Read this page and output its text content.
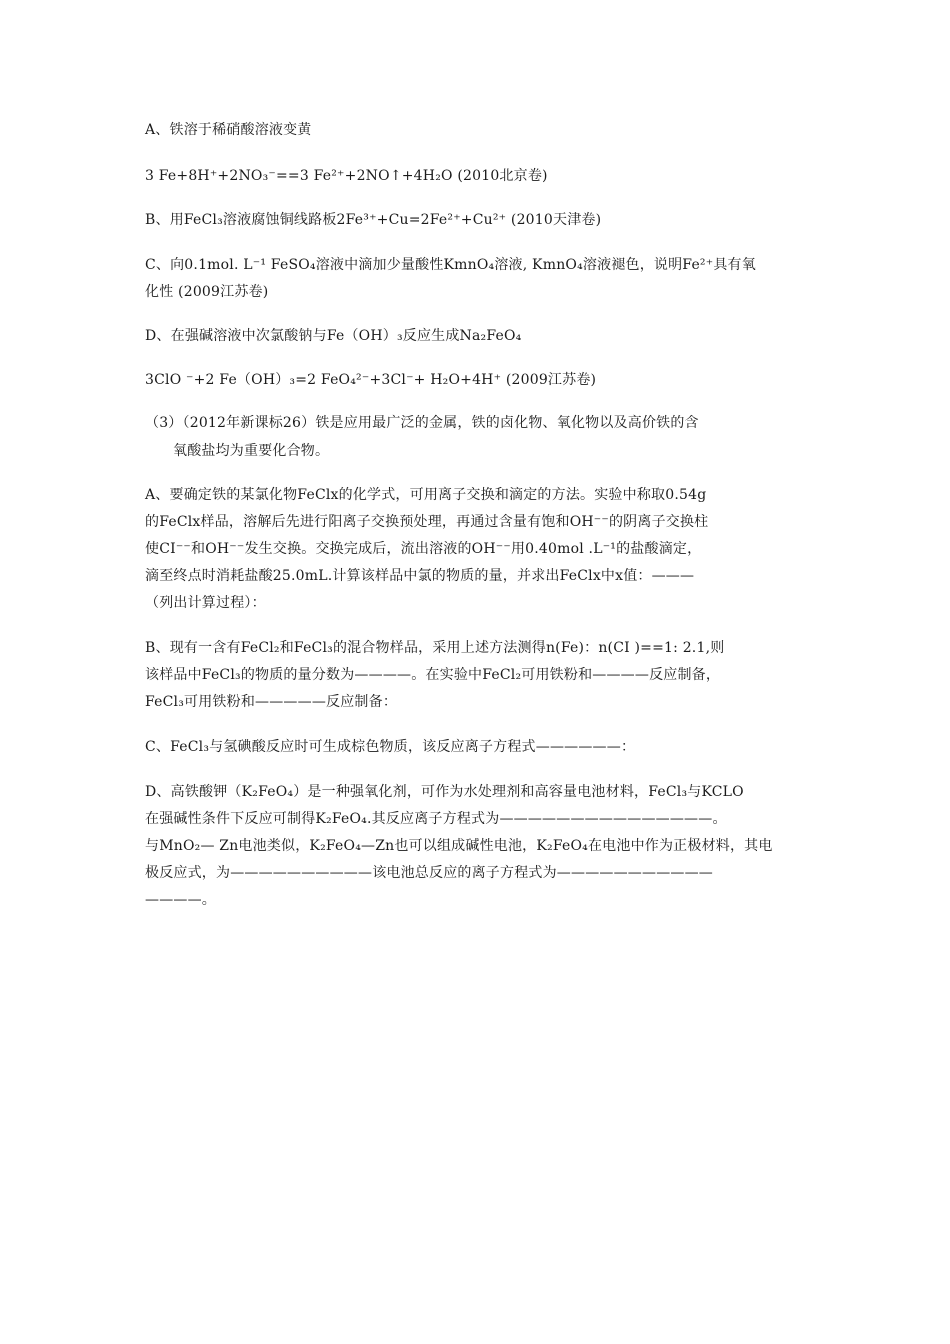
A、铁溶于稀硝酸溶液变黄
3 Fe+8H⁺+2NO₃⁻==3 Fe²⁺+2NO↑+4H₂O (2010北京卷)
B、用FeCl₃溶液腐蚀铜线路板2Fe³⁺+Cu=2Fe²⁺+Cu²⁺ (2010天津卷)
C、向0.1mol. L⁻¹ FeSO₄溶液中滴加少量酸性KmnO₄溶液, KmnO₄溶液褪色，说明Fe²⁺具有氧
化性 (2009江苏卷)
D、在强碱溶液中次氯酸钠与Fe（OH）₃反应生成Na₂FeO₄
3ClO ⁻+2 Fe（OH）₃=2 FeO₄²⁻+3Cl⁻+ H₂O+4H⁺ (2009江苏卷)
（3）（2012年新课标26）铁是应用最广泛的金属，铁的卤化物、氧化物以及高价铁的含
氧酸盐均为重要化合物。
A、要确定铁的某氯化物FeClx的化学式，可用离子交换和滴定的方法。实验中称取0.54g
的FeClx样品，溶解后先进行阳离子交换预处理，再通过含量有饱和OH⁻⁻的阴离子交换柱
使CI⁻⁻和OH⁻⁻发生交换。交换完成后，流出溶液的OH⁻⁻用0.40mol .L⁻¹的盐酸滴定，
滴至终点时消耗盐酸25.0mL.计算该样品中氯的物质的量，并求出FeClx中x值：———
（列出计算过程）：
B、现有一含有FeCl₂和FeCl₃的混合物样品，采用上述方法测得n(Fe)：n(CI )==1: 2.1,则
该样品中FeCl₃的物质的量分数为————。在实验中FeCl₂可用铁粉和————反应制备，
FeCl₃可用铁粉和—————反应制备：
C、FeCl₃与氢碘酸反应时可生成棕色物质，该反应离子方程式——————：
D、高铁酸钾（K₂FeO₄）是一种强氧化剂，可作为水处理剂和高容量电池材料，FeCl₃与KCLO
在强碱性条件下反应可制得K₂FeO₄.其反应离子方程式为———————————————。
与MnO₂— Zn电池类似，K₂FeO₄—Zn也可以组成碱性电池，K₂FeO₄在电池中作为正极材料，其电
极反应式，为——————————该电池总反应的离子方程式为———————————
————。
